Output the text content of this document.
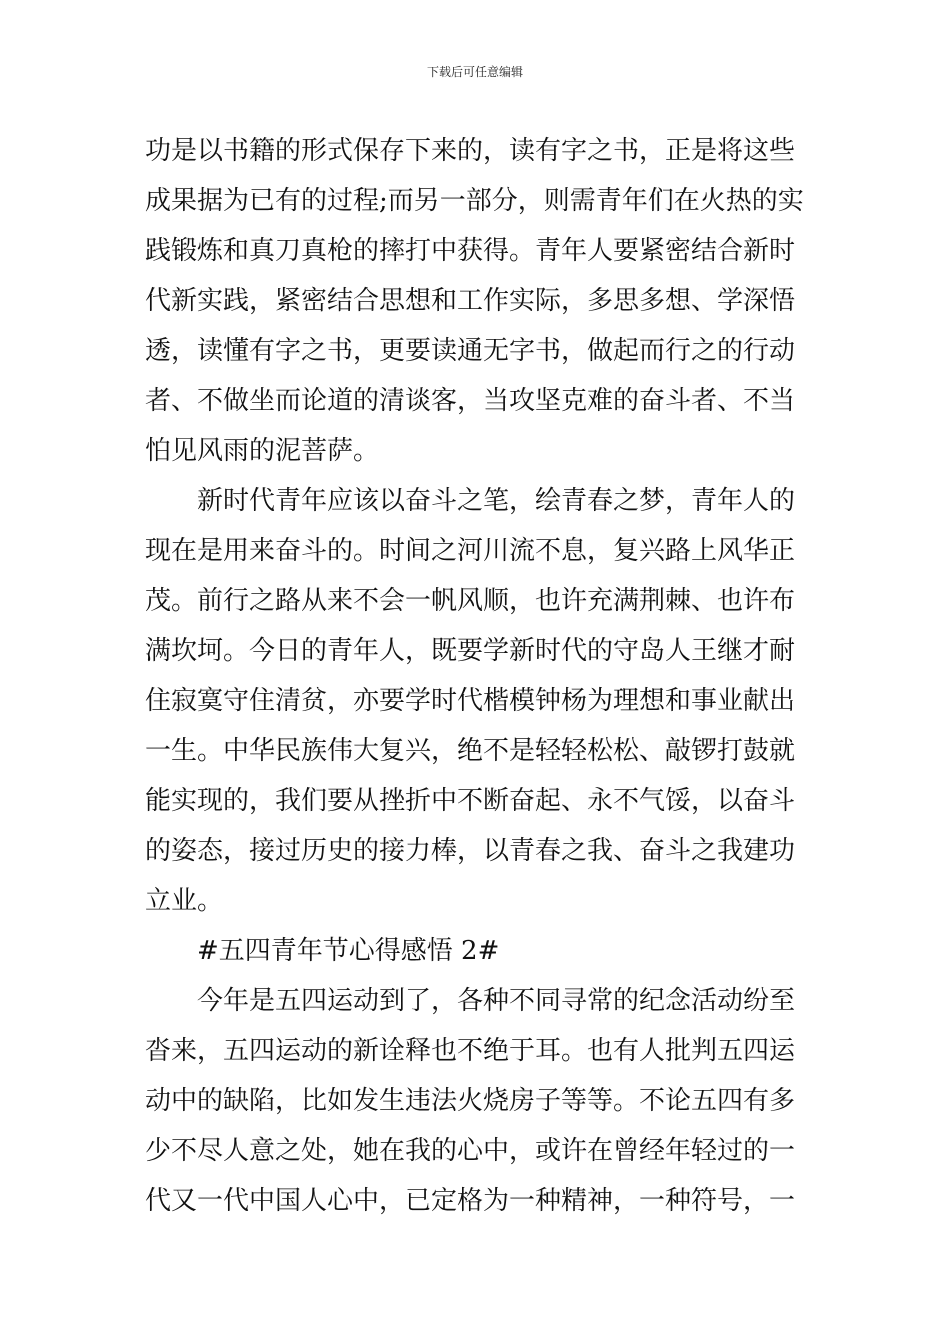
下载后可任意编辑
功是以书籍的形式保存下来的，读有字之书，正是将这些
成果据为已有的过程;而另一部分，则需青年们在火热的实
践锻炼和真刀真枪的摔打中获得。青年人要紧密结合新时
代新实践，紧密结合思想和工作实际，多思多想、学深悟
透，读懂有字之书，更要读通无字书，做起而行之的行动
者、不做坐而论道的清谈客，当攻坚克难的奋斗者、不当
怕见风雨的泥菩萨。
新时代青年应该以奋斗之笔，绘青春之梦，青年人的
现在是用来奋斗的。时间之河川流不息，复兴路上风华正
茂。前行之路从来不会一帆风顺，也许充满荆棘、也许布
满坎坷。今日的青年人，既要学新时代的守岛人王继才耐
住寂寞守住清贫，亦要学时代楷模钟杨为理想和事业献出
一生。中华民族伟大复兴，绝不是轻轻松松、敲锣打鼓就
能实现的，我们要从挫折中不断奋起、永不气馁，以奋斗
的姿态，接过历史的接力棒，以青春之我、奋斗之我建功
立业。
#五四青年节心得感悟 2#
今年是五四运动到了，各种不同寻常的纪念活动纷至
沓来，五四运动的新诠释也不绝于耳。也有人批判五四运
动中的缺陷，比如发生违法火烧房子等等。不论五四有多
少不尽人意之处，她在我的心中，或许在曾经年轻过的一
代又一代中国人心中，已定格为一种精神，一种符号，一
